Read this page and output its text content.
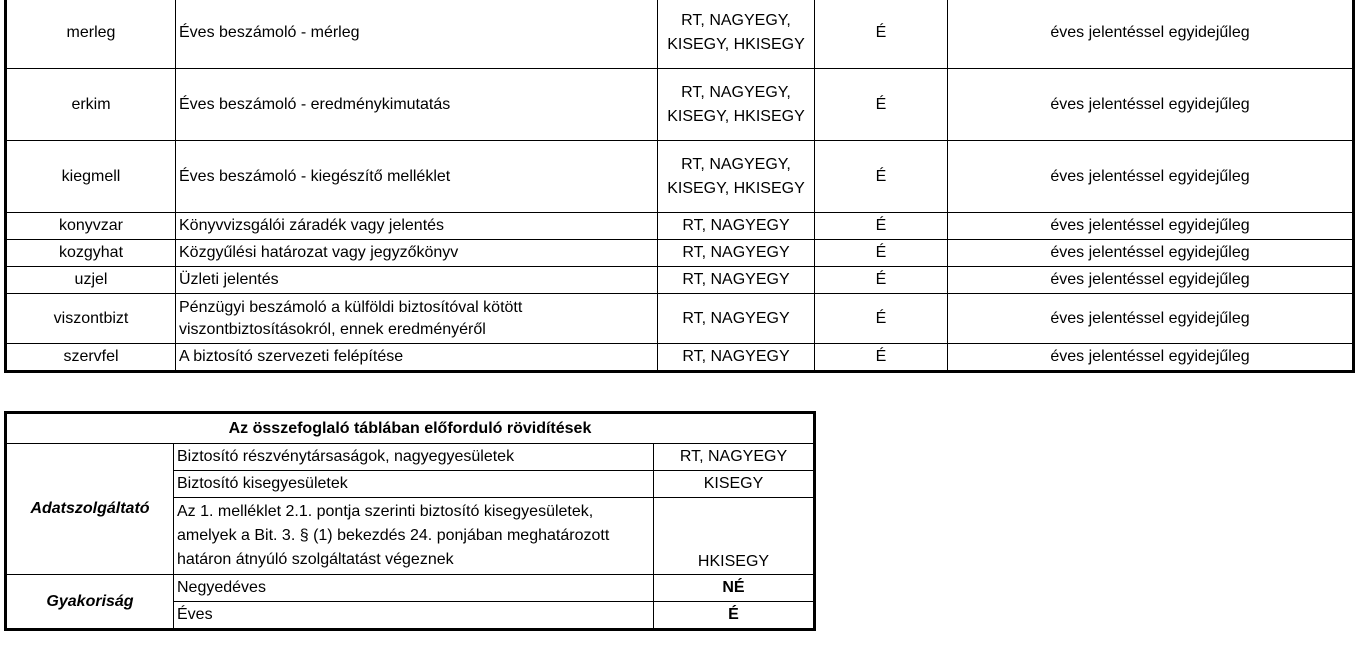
merleg	Éves beszámoló - mérleg	RT, NAGYEGY, KISEGY, HKISEGY	É	éves jelentéssel egyidejűleg
erkim	Éves beszámoló - eredménykimutatás	RT, NAGYEGY, KISEGY, HKISEGY	É	éves jelentéssel egyidejűleg
kiegmell	Éves beszámoló - kiegészítő melléklet	RT, NAGYEGY, KISEGY, HKISEGY	É	éves jelentéssel egyidejűleg
konyvzar	Könyvvizsgálói záradék vagy jelentés	RT, NAGYEGY	É	éves jelentéssel egyidejűleg
kozgyhat	Közgyűlési határozat vagy jegyzőkönyv	RT, NAGYEGY	É	éves jelentéssel egyidejűleg
uzjel	Üzleti jelentés	RT, NAGYEGY	É	éves jelentéssel egyidejűleg
viszontbizt	Pénzügyi beszámoló a külföldi biztosítóval kötött viszontbiztosításokról, ennek eredményéről	RT, NAGYEGY	É	éves jelentéssel egyidejűleg
szervfel	A biztosító szervezeti felépítése	RT, NAGYEGY	É	éves jelentéssel egyidejűleg
Az összefoglaló táblában előforduló rövidítések		
Adatszolgáltató	Biztosító részvénytársaságok, nagyegyesületek	RT, NAGYEGY
	Biztosító kisegyesületek	KISEGY
	Az 1. melléklet 2.1. pontja szerinti biztosító kisegyesületek, amelyek a Bit. 3. § (1) bekezdés 24. ponjában meghatározott határon átnyúló szolgáltatást végeznek	HKISEGY
Gyakoriság	Negyedéves	NÉ
	Éves	É
